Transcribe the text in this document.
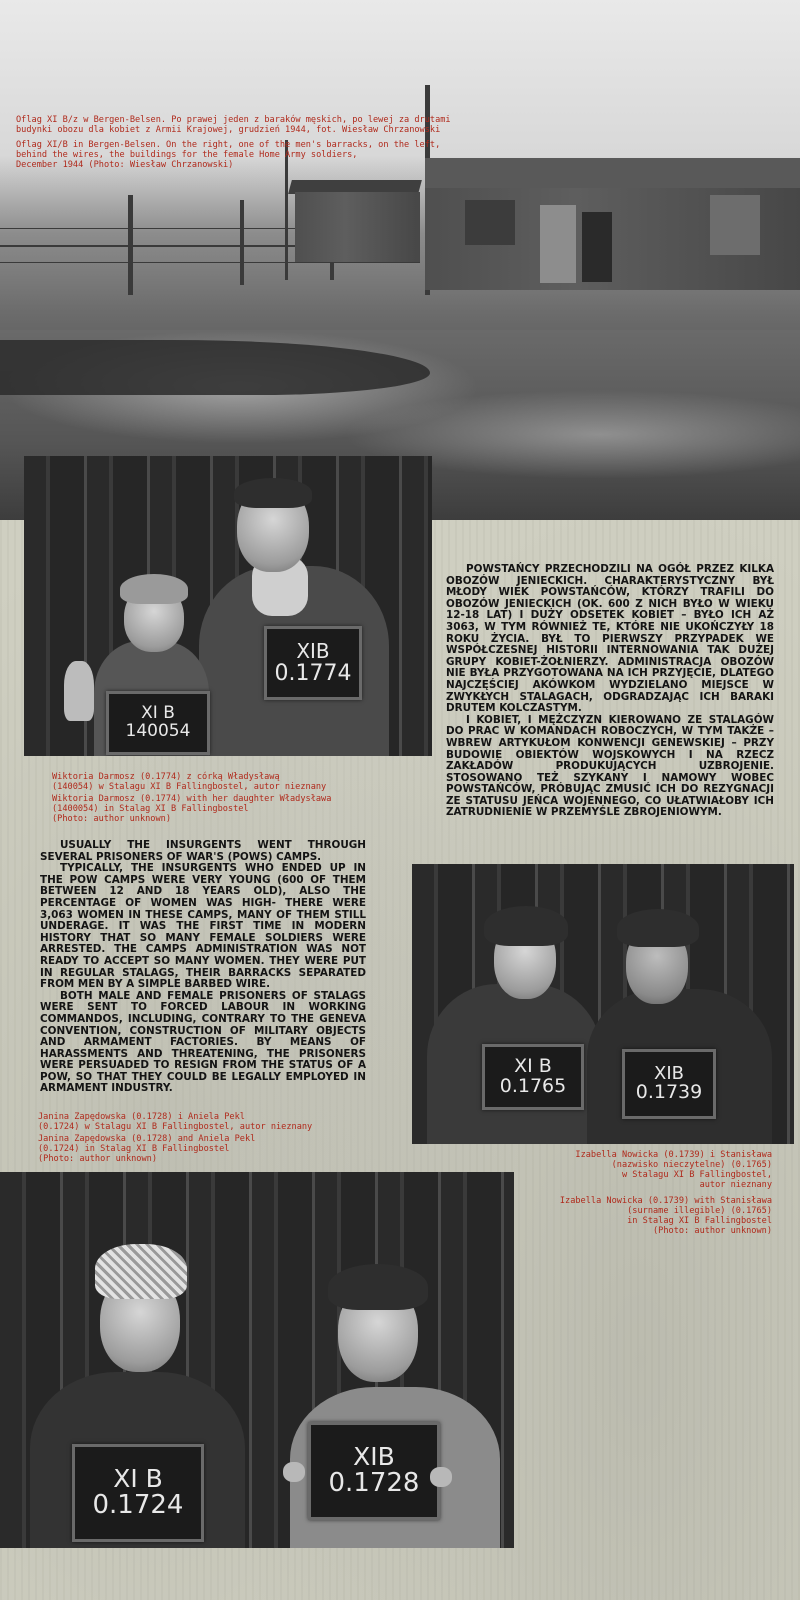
Oflag XI B/z w Bergen-Belsen. Po prawej jeden z baraków męskich, po lewej za drutami
budynki obozu dla kobiet z Armii Krajowej, grudzień 1944, fot. Wiesław Chrzanowski
Oflag XI/B in Bergen-Belsen. On the right, one of the men's barracks, on the left,
behind the wires, the buildings for the female Home Army soldiers,
December 1944 (Photo: Wiesław Chrzanowski)
XIB
0.1774
XI B
140054
Wiktoria Darmosz (0.1774) z córką Władysławą
(140054) w Stalagu XI B Fallingbostel, autor nieznany
Wiktoria Darmosz (0.1774) with her daughter Władysława
(1400054) in Stalag XI B Fallingbostel
(Photo: author unknown)

POWSTAŃCY PRZECHODZILI NA OGÓŁ PRZEZ KILKA OBOZÓW JENIECKICH. CHARAKTERYSTYCZNY BYŁ MŁODY WIEK POWSTAŃCÓW, KTÓRZY TRAFILI DO OBOZÓW JENIECKICH (OK. 600 Z NICH BYŁO W WIEKU 12-18 LAT) I DUŻY ODSETEK KOBIET – BYŁO ICH AŻ 3063, W TYM RÓWNIEŻ TE, KTÓRE NIE UKOŃCZYŁY 18 ROKU ŻYCIA. BYŁ TO PIERWSZY PRZYPADEK WE WSPÓŁCZESNEJ HISTORII INTERNOWANIA TAK DUŻEJ GRUPY KOBIET-ŻOŁNIERZY. ADMINISTRACJA OBOZÓW NIE BYŁA PRZYGOTOWANA NA ICH PRZYJĘCIE, DLATEGO NAJCZĘŚCIEJ AKÓWKOM WYDZIELANO MIEJSCE W ZWYKŁYCH STALAGACH, ODGRADZAJĄC ICH BARAKI DRUTEM KOLCZASTYM.

I KOBIET, I MĘŻCZYZN KIEROWANO ZE STALAGÓW DO PRAC W KOMANDACH ROBOCZYCH, W TYM TAKŻE – WBREW ARTYKUŁOM KONWENCJI GENEWSKIEJ – PRZY BUDOWIE OBIEKTÓW WOJSKOWYCH I NA RZECZ ZAKŁADÓW PRODUKUJĄCYCH UZBROJENIE. STOSOWANO TEŻ SZYKANY I NAMOWY WOBEC POWSTAŃCÓW, PRÓBUJĄC ZMUSIĆ ICH DO REZYGNACJI ZE STATUSU JEŃCA WOJENNEGO, CO UŁATWIAŁOBY ICH ZATRUDNIENIE W PRZEMYŚLE ZBROJENIOWYM.

USUALLY THE INSURGENTS WENT THROUGH SEVERAL PRISONERS OF WAR'S (POWS) CAMPS.

TYPICALLY, THE INSURGENTS WHO ENDED UP IN THE POW CAMPS WERE VERY YOUNG (600 OF THEM BETWEEN 12 AND 18 YEARS OLD), ALSO THE PERCENTAGE OF WOMEN WAS HIGH- THERE WERE 3,063 WOMEN IN THESE CAMPS, MANY OF THEM STILL UNDERAGE. IT WAS THE FIRST TIME IN MODERN HISTORY THAT SO MANY FEMALE SOLDIERS WERE ARRESTED. THE CAMPS ADMINISTRATION WAS NOT READY TO ACCEPT SO MANY WOMEN. THEY WERE PUT IN REGULAR STALAGS, THEIR BARRACKS SEPARATED FROM MEN BY A SIMPLE BARBED WIRE.

BOTH MALE AND FEMALE PRISONERS OF STALAGS WERE SENT TO FORCED LABOUR IN WORKING COMMANDOS, INCLUDING, CONTRARY TO THE GENEVA CONVENTION, CONSTRUCTION OF MILITARY OBJECTS AND ARMAMENT FACTORIES. BY MEANS OF HARASSMENTS AND THREATENING, THE PRISONERS WERE PERSUADED TO RESIGN FROM THE STATUS OF A POW, SO THAT THEY COULD BE LEGALLY EMPLOYED IN ARMAMENT INDUSTRY.

XI B
0.1765
XIB
0.1739
Izabella Nowicka (0.1739) i Stanisława
(nazwisko nieczytelne) (0.1765)
w Stalagu XI B Fallingbostel,
autor nieznany
Izabella Nowicka (0.1739) with Stanisława
(surname illegible) (0.1765)
in Stalag XI B Fallingbostel
(Photo: author unknown)
Janina Zapędowska (0.1728) i Aniela Pekl
(0.1724) w Stalagu XI B Fallingbostel, autor nieznany
Janina Zapędowska (0.1728) and Aniela Pekl
(0.1724) in Stalag XI B Fallingbostel
(Photo: author unknown)
XI B
0.1724
XIB
0.1728
